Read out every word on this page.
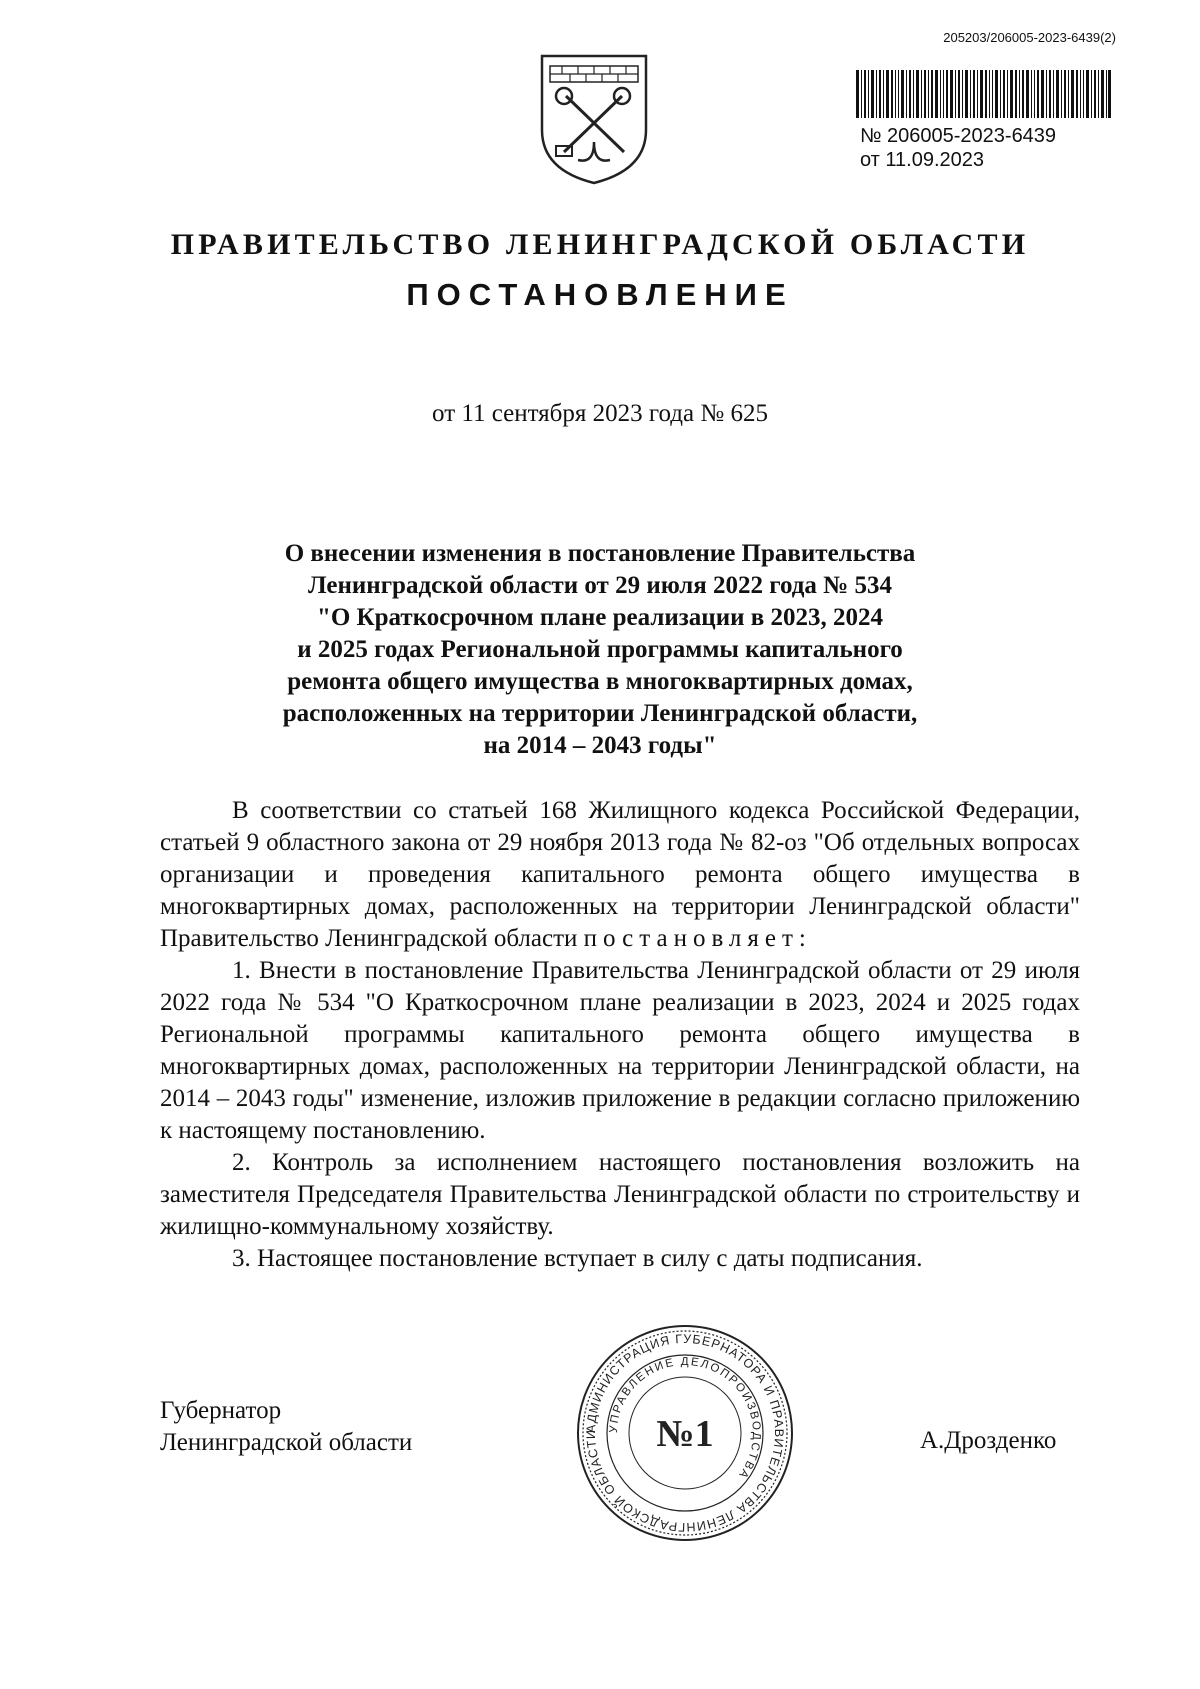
205203/206005-2023-6439(2)
№ 206005-2023-6439
от 11.09.2023
ПРАВИТЕЛЬСТВО ЛЕНИНГРАДСКОЙ ОБЛАСТИ
ПОСТАНОВЛЕНИЕ
от 11 сентября 2023 года № 625
О внесении изменения в постановление Правительства
Ленинградской области от 29 июля 2022 года № 534
"О Краткосрочном плане реализации в 2023, 2024
и 2025 годах Региональной программы капитального
ремонта общего имущества в многоквартирных домах,
расположенных на территории Ленинградской области,
на 2014 – 2043 годы"

В соответствии со статьей 168 Жилищного кодекса Российской Федерации, статьей 9 областного закона от 29 ноября 2013 года № 82-оз "Об отдельных вопросах организации и проведения капитального ремонта общего имущества в многоквартирных домах, расположенных на территории Ленинградской области" Правительство Ленинградской области постановляет:

1. Внести в постановление Правительства Ленинградской области от 29 июля 2022 года № 534 "О Краткосрочном плане реализации в 2023, 2024 и 2025 годах Региональной программы капитального ремонта общего имущества в многоквартирных домах, расположенных на территории Ленинградской области, на 2014 – 2043 годы" изменение, изложив приложение в редакции согласно приложению к настоящему постановлению.

2. Контроль за исполнением настоящего постановления возложить на заместителя Председателя Правительства Ленинградской области по строительству и жилищно-коммунальному хозяйству.

3. Настоящее постановление вступает в силу с даты подписания.

Губернатор
Ленинградской области
АДМИНИСТРАЦИЯ ГУБЕРНАТОРА И ПРАВИТЕЛЬСТВА ЛЕНИНГРАДСКОЙ ОБЛАСТИ
УПРАВЛЕНИЕ ДЕЛОПРОИЗВОДСТВА
№1	А.Дрозденко
